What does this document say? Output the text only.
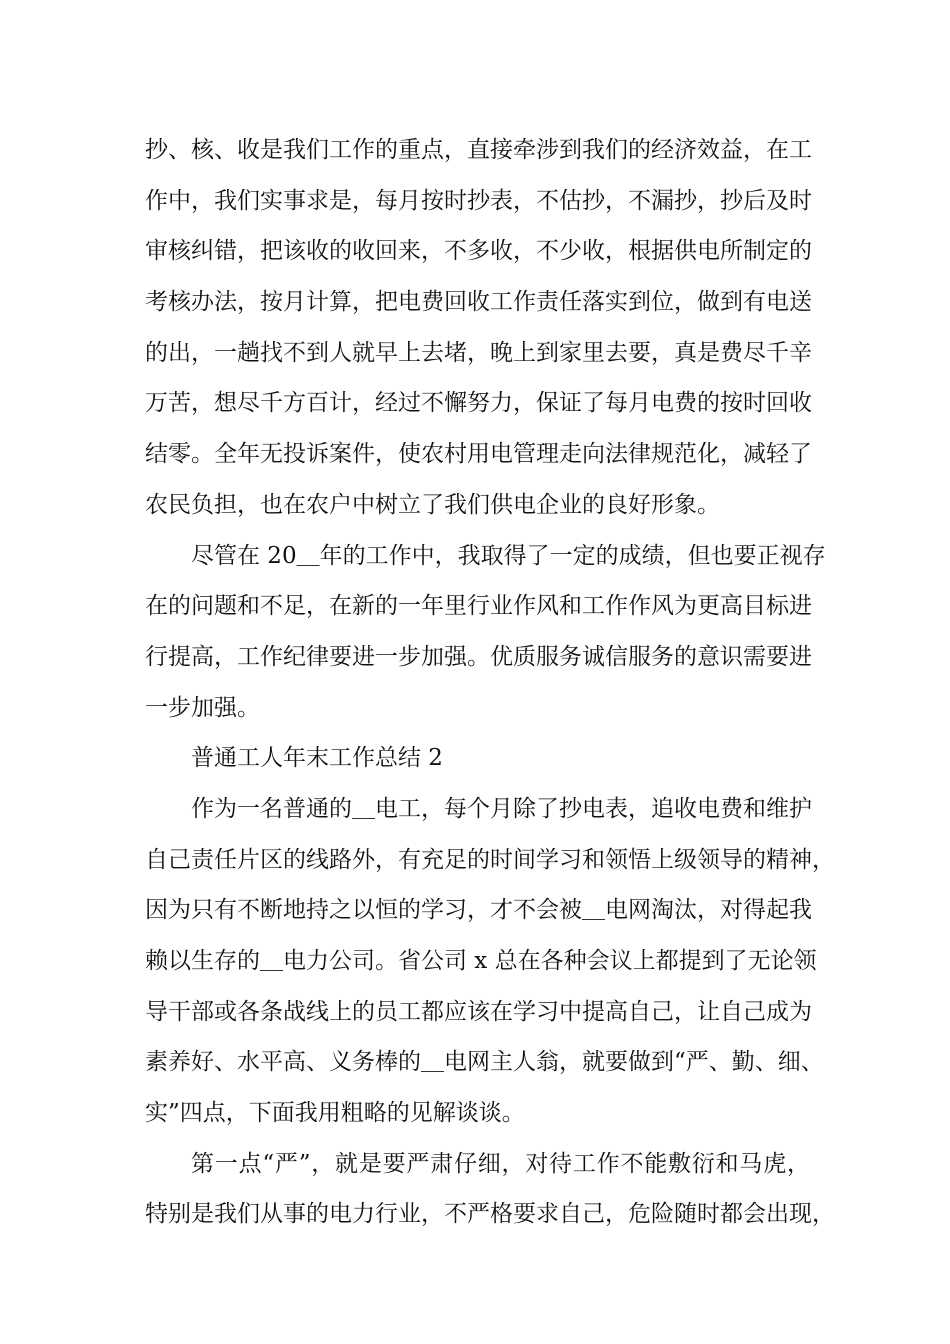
抄、核、收是我们工作的重点，直接牵涉到我们的经济效益，在工
作中，我们实事求是，每月按时抄表，不估抄，不漏抄，抄后及时
审核纠错，把该收的收回来，不多收，不少收，根据供电所制定的
考核办法，按月计算，把电费回收工作责任落实到位，做到有电送
的出，一趟找不到人就早上去堵，晚上到家里去要，真是费尽千辛
万苦，想尽千方百计，经过不懈努力，保证了每月电费的按时回收
结零。全年无投诉案件，使农村用电管理走向法律规范化，减轻了
农民负担，也在农户中树立了我们供电企业的良好形象。
尽管在 20＿年的工作中，我取得了一定的成绩，但也要正视存
在的问题和不足，在新的一年里行业作风和工作作风为更高目标进
行提高，工作纪律要进一步加强。优质服务诚信服务的意识需要进
一步加强。
普通工人年末工作总结 2
作为一名普通的＿电工，每个月除了抄电表，追收电费和维护
自己责任片区的线路外，有充足的时间学习和领悟上级领导的精神，
因为只有不断地持之以恒的学习，才不会被＿电网淘汰，对得起我
赖以生存的＿电力公司。省公司 x 总在各种会议上都提到了无论领
导干部或各条战线上的员工都应该在学习中提高自己，让自己成为
素养好、水平高、义务棒的＿电网主人翁，就要做到“严、勤、细、
实”四点，下面我用粗略的见解谈谈。
第一点“严”，就是要严肃仔细，对待工作不能敷衍和马虎，
特别是我们从事的电力行业，不严格要求自己，危险随时都会出现，
